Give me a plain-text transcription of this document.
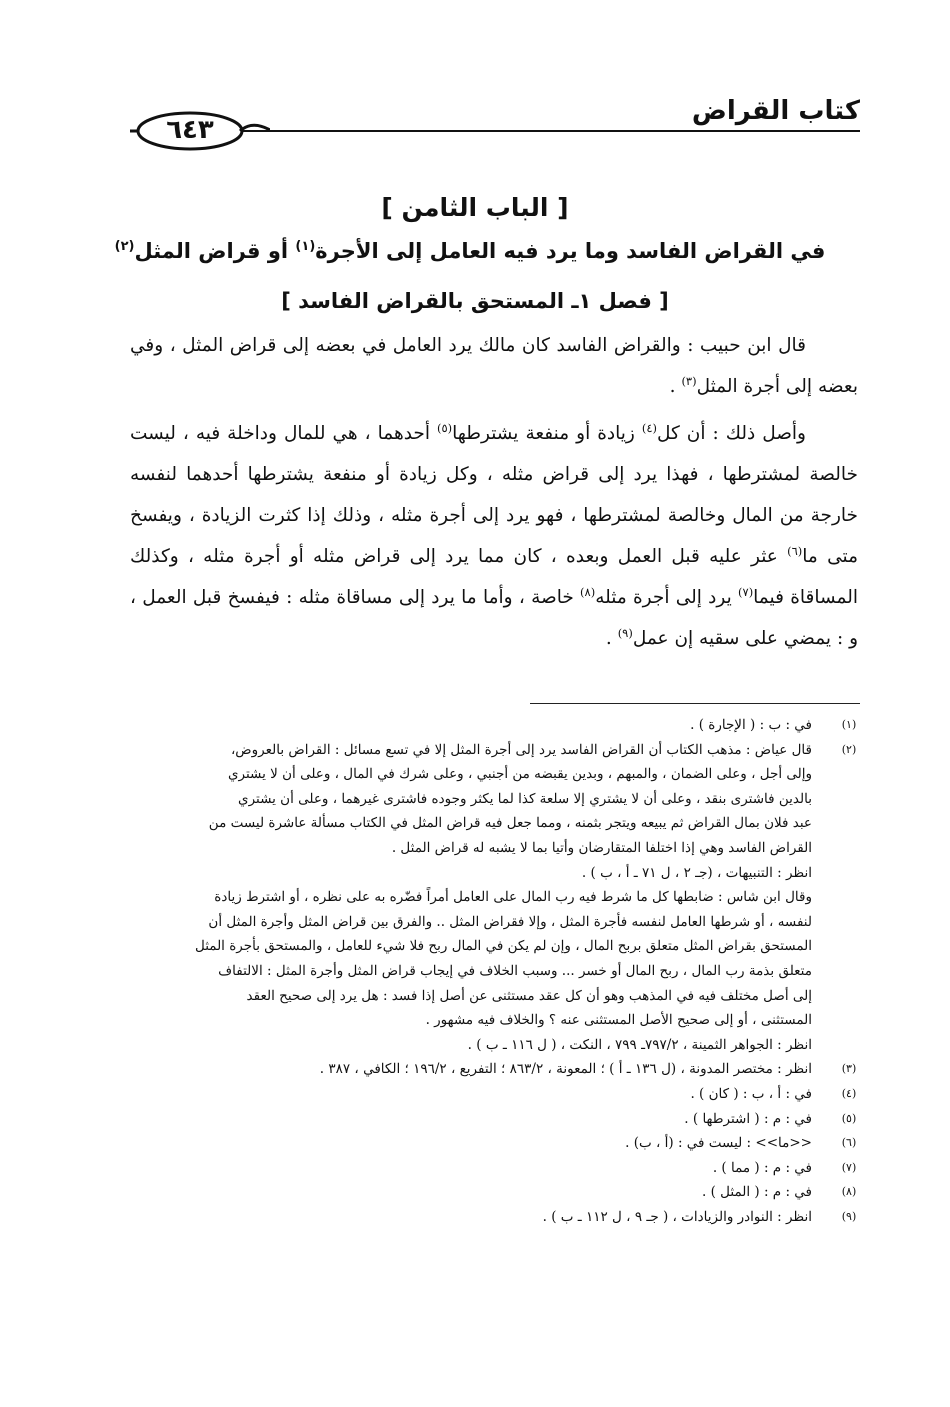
كتاب القراض
٦٤٣
[ الباب الثامن ]
في القراض الفاسد وما يرد فيه العامل إلى الأجرة$^{(١)}$ أو قراض المثل$^{(٢)}$
[ فصل ١ـ المستحق بالقراض الفاسد ]

قال ابن حبيب : والقراض الفاسد كان مالك يرد العامل في بعضه إلى قراض المثل ، وفي بعضه إلى أجرة المثل$^{(٣)}$ .

وأصل ذلك : أن كل$^{(٤)}$ زيادة أو منفعة يشترطها$^{(٥)}$ أحدهما ، هي للمال وداخلة فيه ، ليست خالصة لمشترطها ، فهذا يرد إلى قراض مثله ، وكل زيادة أو منفعة يشترطها أحدهما لنفسه خارجة من المال وخالصة لمشترطها ، فهو يرد إلى أجرة مثله ، وذلك إذا كثرت الزيادة ، ويفسخ متى ما$^{(٦)}$ عثر عليه قبل العمل وبعده ، كان مما يرد إلى قراض مثله أو أجرة مثله ، وكذلك المساقاة فيما$^{(٧)}$ يرد إلى أجرة مثله$^{(٨)}$ خاصة ، وأما ما يرد إلى مساقاة مثله : فيفسخ قبل العمل ، و : يمضي على سقيه إن عمل$^{(٩)}$ .

(١)
في : ب : ( الإجارة ) .
(٢)
قال عياض : مذهب الكتاب أن القراض الفاسد يرد إلى أجرة المثل إلا في تسع مسائل : القراض بالعروض،
وإلى أجل ، وعلى الضمان ، والمبهم ، وبدين يقبضه من أجنبي ، وعلى شرك في المال ، وعلى أن لا يشتري
بالدين فاشترى بنقد ، وعلى أن لا يشتري إلا سلعة كذا لما يكثر وجوده فاشترى غيرهما ، وعلى أن يشتري
عبد فلان بمال القراض ثم يبيعه ويتجر بثمنه ، ومما جعل فيه قراض المثل في الكتاب مسألة عاشرة ليست من
القراض الفاسد وهي إذا اختلفا المتقارضان وأتيا بما لا يشبه له قراض المثل .
انظر : التنبيهات ، (جـ ٢ ، ل ٧١ ـ أ ، ب ) .
وقال ابن شاس : ضابطها كل ما شرط فيه رب المال على العامل أمراً فضّره به على نظره ، أو اشترط زيادة
لنفسه ، أو شرطها العامل لنفسه فأجرة المثل ، وإلا فقراض المثل .. والفرق بين قراض المثل وأجرة المثل أن
المستحق بقراض المثل متعلق بربح المال ، وإن لم يكن في المال ربح فلا شيء للعامل ، والمستحق بأجرة المثل
متعلق بذمة رب المال ، ربح المال أو خسر ... وسبب الخلاف في إيجاب قراض المثل وأجرة المثل : الالتفاف
إلى أصل مختلف فيه في المذهب وهو أن كل عقد مستثنى عن أصل إذا فسد : هل يرد إلى صحيح العقد
المستثنى ، أو إلى صحيح الأصل المستثنى عنه ؟ والخلاف فيه مشهور .
انظر : الجواهر الثمينة ، ٧٩٧/٢ـ ٧٩٩ ، النكت ، ( ل ١١٦ ـ ب ) .
(٣)
انظر : مختصر المدونة ، (ل ١٣٦ ـ أ ) ؛ المعونة ، ٨٦٣/٢ ؛ التفريع ، ١٩٦/٢ ؛ الكافي ، ٣٨٧ .
(٤)
في : أ ، ب : ( كان ) .
(٥)
في : م : ( اشترطها ) .
(٦)
<<ما>> : ليست في : (أ ، ب) .
(٧)
في : م : ( مما ) .
(٨)
في : م : ( المثل ) .
(٩)
انظر : النوادر والزيادات ، ( جـ ٩ ، ل ١١٢ ـ ب ) .
